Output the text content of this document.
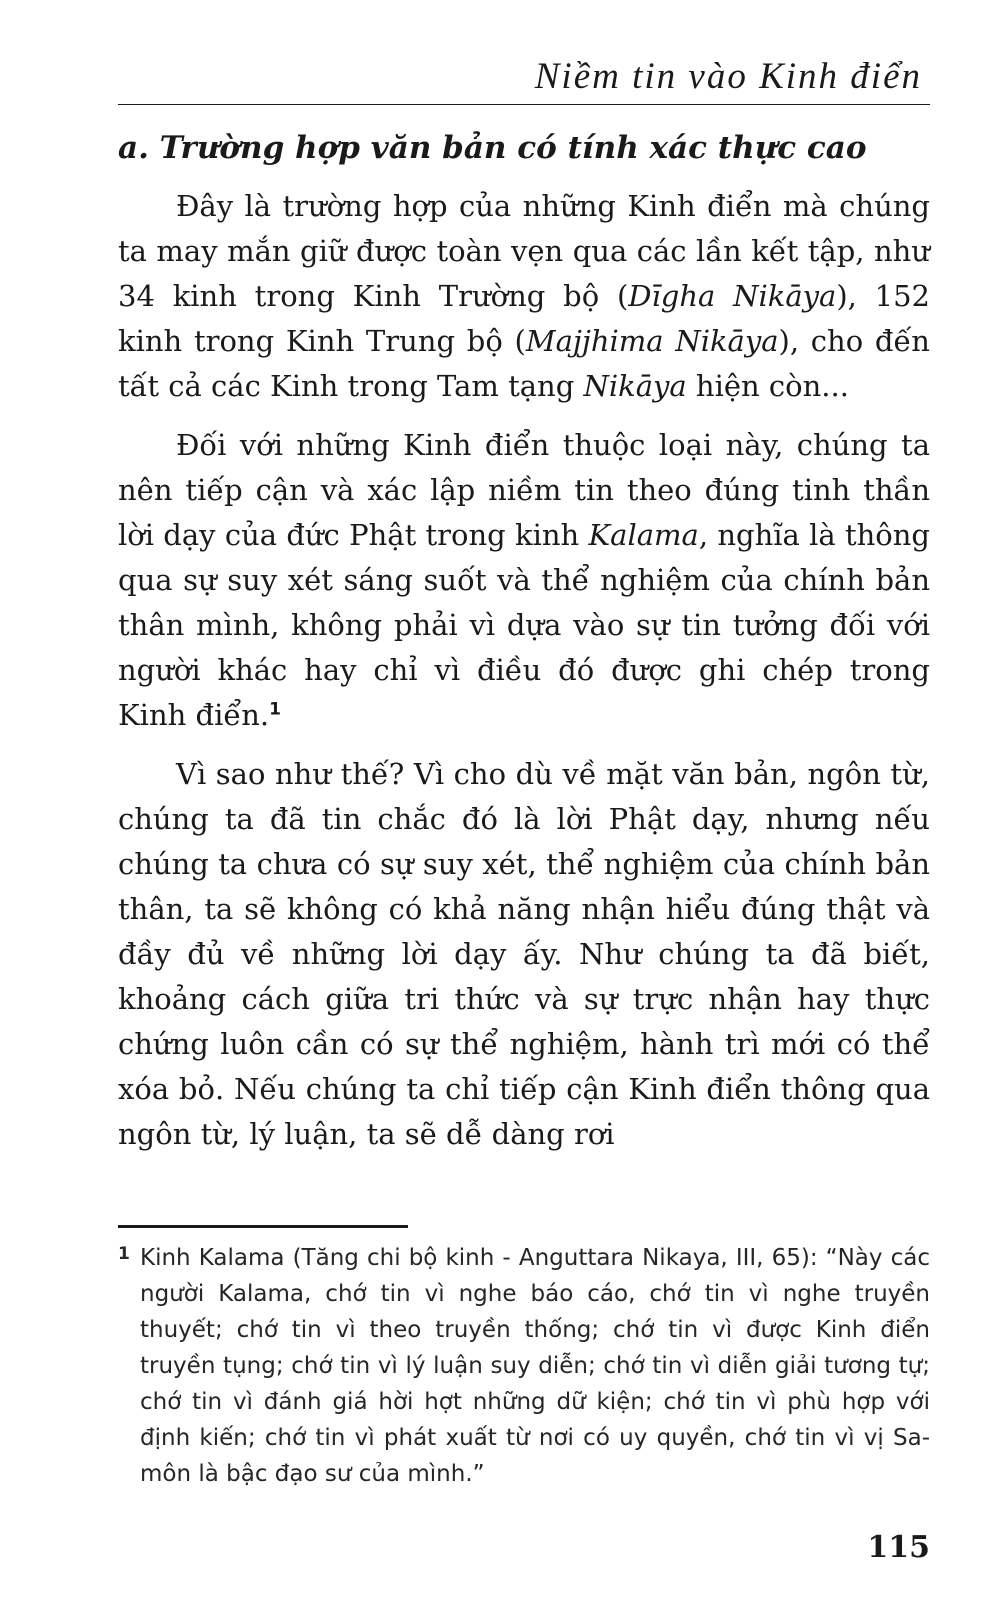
Niềm tin vào Kinh điển
a. Trường hợp văn bản có tính xác thực cao

Đây là trường hợp của những Kinh điển mà chúng ta may mắn giữ được toàn vẹn qua các lần kết tập, như 34 kinh trong Kinh Trường bộ (Dīgha Nikāya), 152 kinh trong Kinh Trung bộ (Majjhima Nikāya), cho đến tất cả các Kinh trong Tam tạng Nikāya hiện còn...

Đối với những Kinh điển thuộc loại này, chúng ta nên tiếp cận và xác lập niềm tin theo đúng tinh thần lời dạy của đức Phật trong kinh Kalama, nghĩa là thông qua sự suy xét sáng suốt và thể nghiệm của chính bản thân mình, không phải vì dựa vào sự tin tưởng đối với người khác hay chỉ vì điều đó được ghi chép trong Kinh điển.$^1$

Vì sao như thế? Vì cho dù về mặt văn bản, ngôn từ, chúng ta đã tin chắc đó là lời Phật dạy, nhưng nếu chúng ta chưa có sự suy xét, thể nghiệm của chính bản thân, ta sẽ không có khả năng nhận hiểu đúng thật và đầy đủ về những lời dạy ấy. Như chúng ta đã biết, khoảng cách giữa tri thức và sự trực nhận hay thực chứng luôn cần có sự thể nghiệm, hành trì mới có thể xóa bỏ. Nếu chúng ta chỉ tiếp cận Kinh điển thông qua ngôn từ, lý luận, ta sẽ dễ dàng rơi

1 Kinh Kalama (Tăng chi bộ kinh - Anguttara Nikaya, III, 65): “Này các người Kalama, chớ tin vì nghe báo cáo, chớ tin vì nghe truyền thuyết; chớ tin vì theo truyền thống; chớ tin vì được Kinh điển truyền tụng; chớ tin vì lý luận suy diễn; chớ tin vì diễn giải tương tự; chớ tin vì đánh giá hời hợt những dữ kiện; chớ tin vì phù hợp với định kiến; chớ tin vì phát xuất từ nơi có uy quyền, chớ tin vì vị Sa-môn là bậc đạo sư của mình.”
115
